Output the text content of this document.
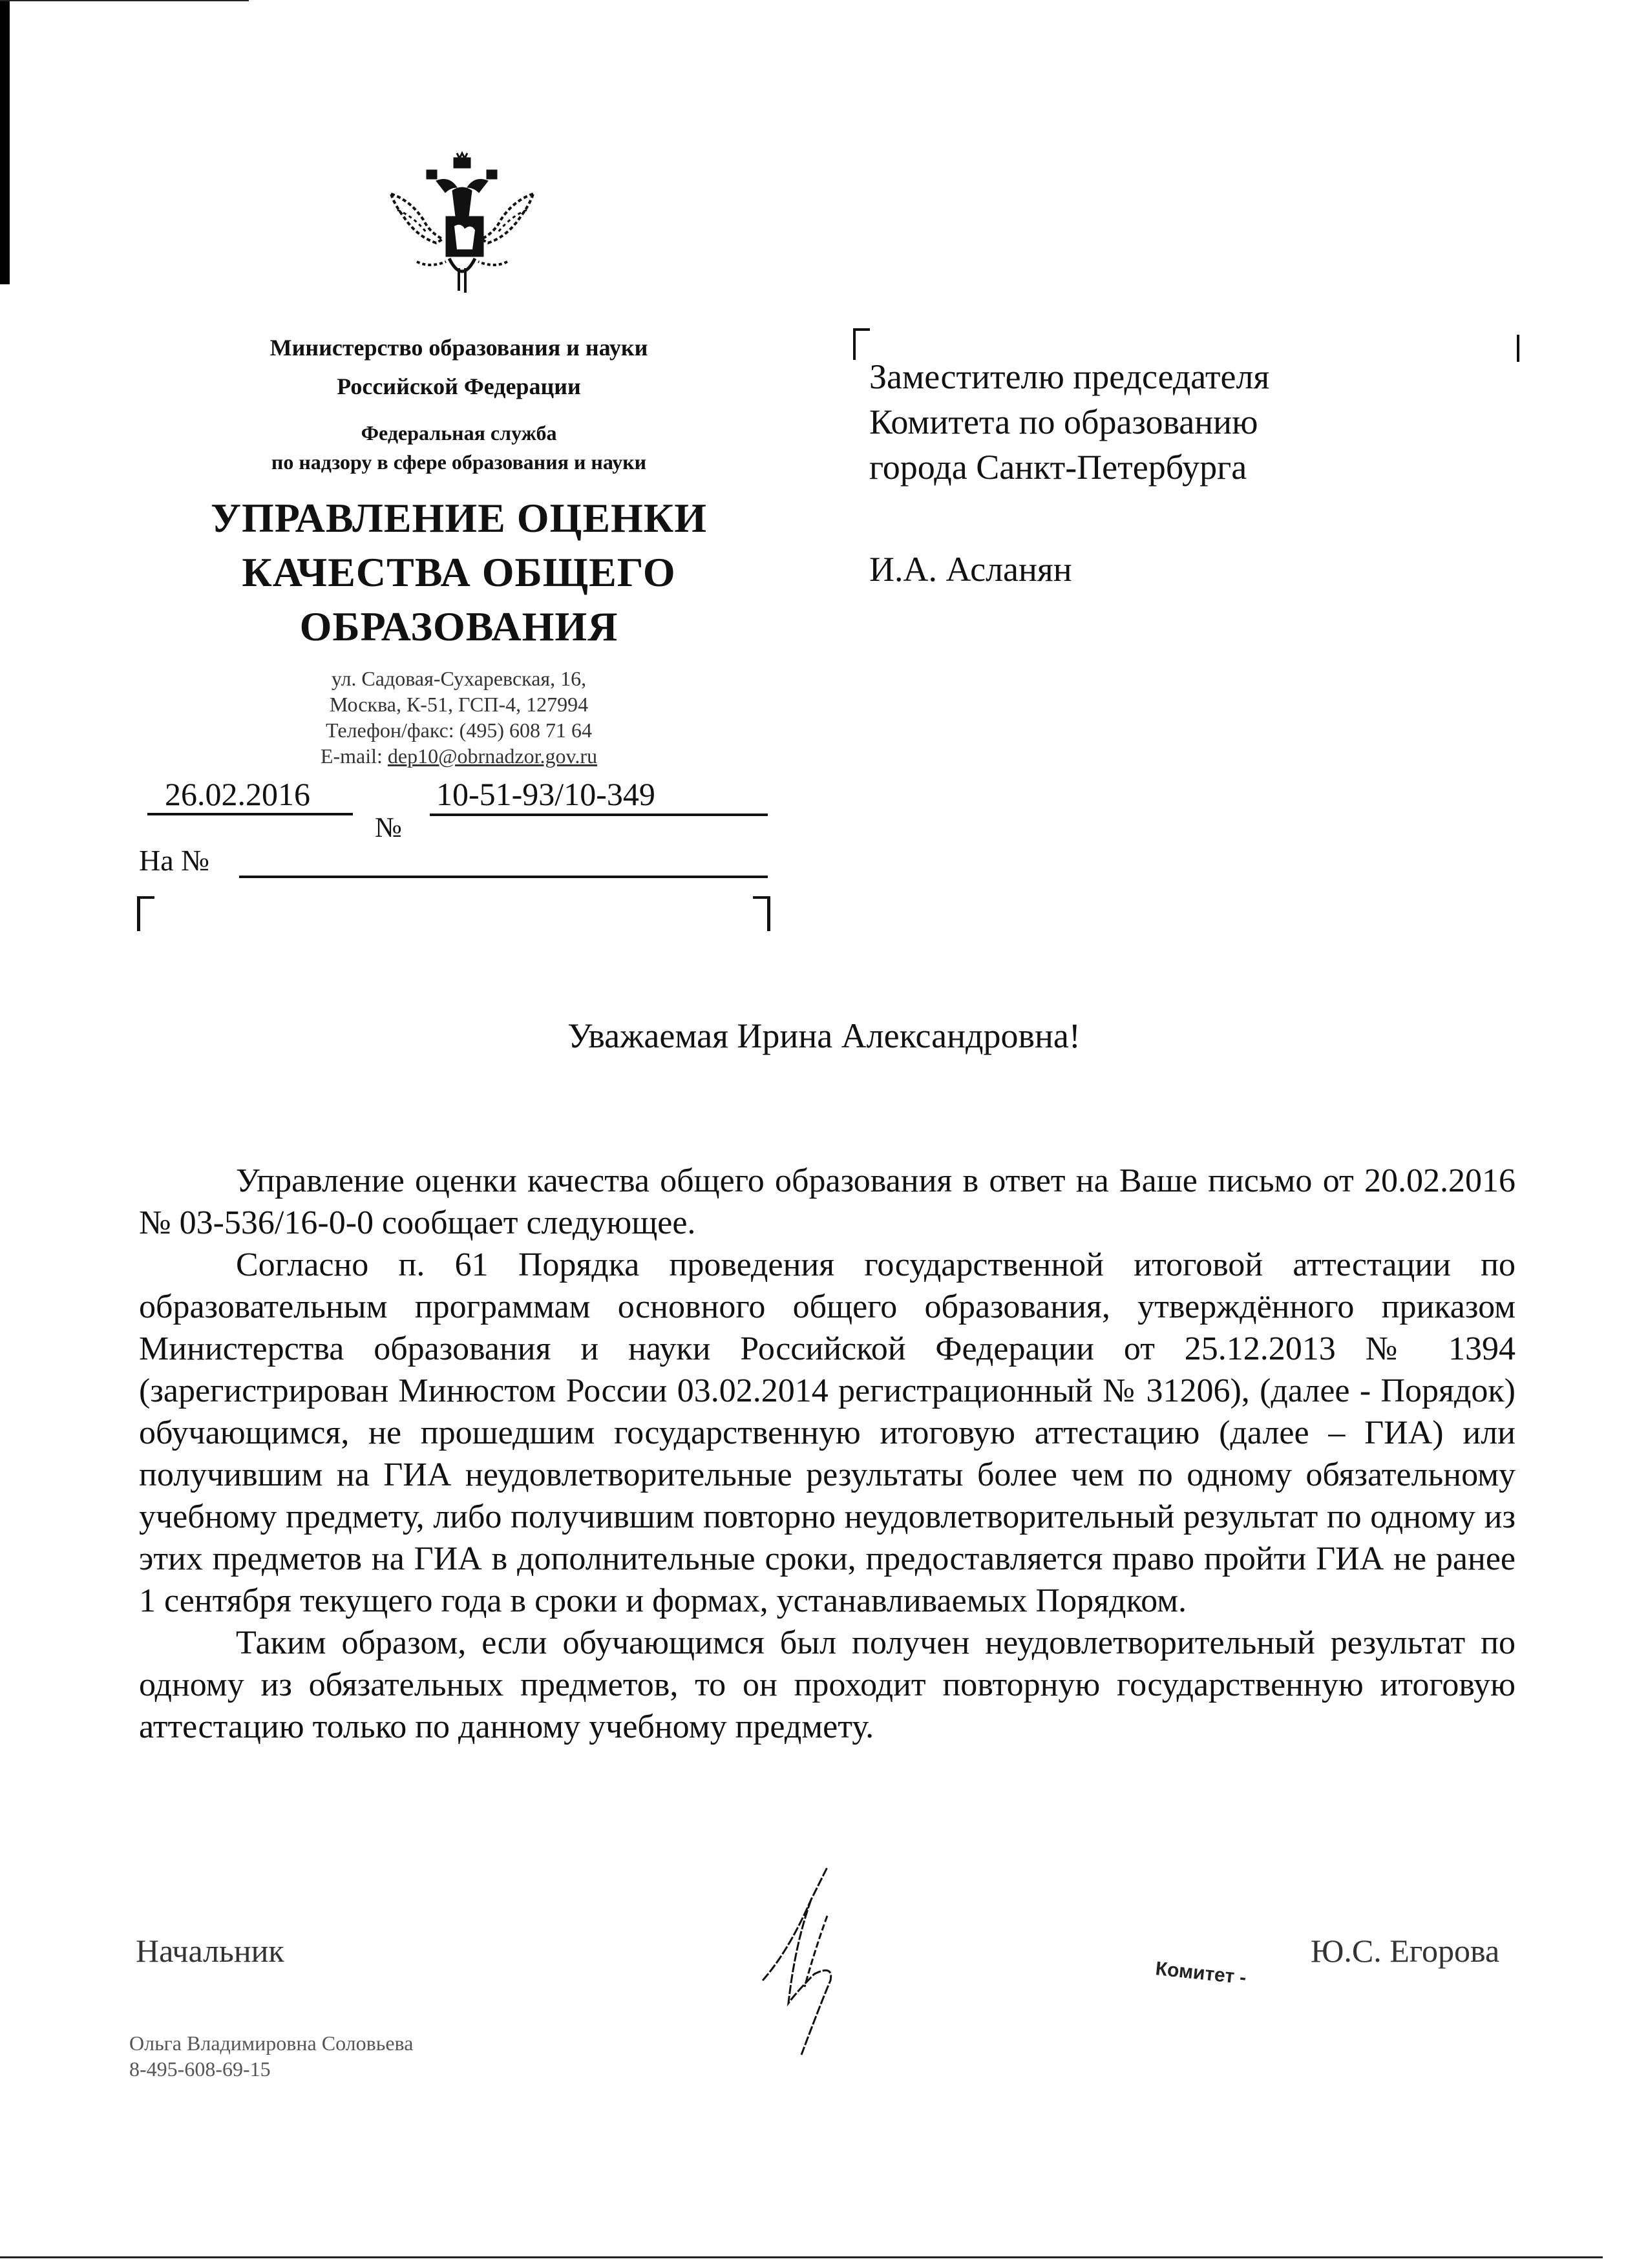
Министерство образования и науки
Российской Федерации
Федеральная служба
по надзору в сфере образования и науки
УПРАВЛЕНИЕ ОЦЕНКИ
КАЧЕСТВА ОБЩЕГО
ОБРАЗОВАНИЯ
ул. Садовая-Сухаревская, 16,
Москва, К-51, ГСП-4, 127994
Телефон/факс: (495) 608 71 64
E-mail: dep10@obrnadzor.gov.ru
26.02.2016	10-51-93/10-349
№
На №
Заместителю председателя
Комитета по образованию
города Санкт-Петербурга
И.А. Асланян
Уважаемая Ирина Александровна!

Управление оценки качества общего образования в ответ на Ваше письмо от 20.02.2016 № 03-536/16-0-0 сообщает следующее.

Согласно п. 61 Порядка проведения государственной итоговой аттестации по образовательным программам основного общего образования, утверждённого приказом Министерства образования и науки Российской Федерации от 25.12.2013 № 1394 (зарегистрирован Минюстом России 03.02.2014 регистрационный № 31206), (далее - Порядок) обучающимся, не прошедшим государственную итоговую аттестацию (далее – ГИА) или получившим на ГИА неудовлетворительные результаты более чем по одному обязательному учебному предмету, либо получившим повторно неудовлетворительный результат по одному из этих предметов на ГИА в дополнительные сроки, предоставляется право пройти ГИА не ранее 1 сентября текущего года в сроки и формах, устанавливаемых Порядком.

Таким образом, если обучающимся был получен неудовлетворительный результат по одному из обязательных предметов, то он проходит повторную государственную итоговую аттестацию только по данному учебному предмету.

Начальник
Комитет -
Ю.С. Егорова
Ольга Владимировна Соловьева
8-495-608-69-15
